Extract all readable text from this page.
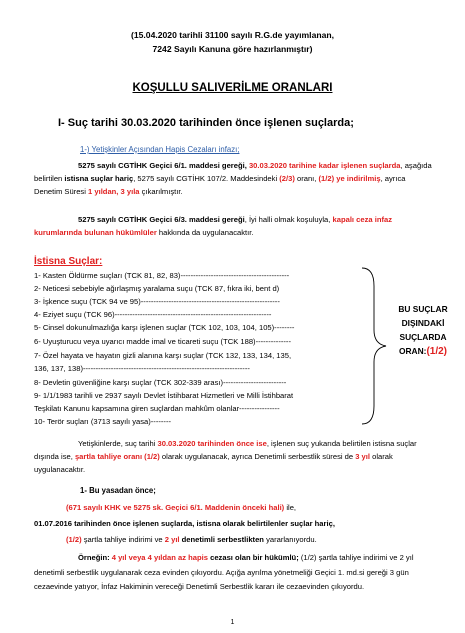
(15.04.2020 tarihli 31100 sayılı R.G.de yayımlanan,
7242 Sayılı Kanuna göre hazırlanmıştır)
KOŞULLU SALIVERİLME ORANLARI
I- Suç tarihi 30.03.2020 tarihinden önce işlenen suçlarda;
1-) Yetişkinler Açısından Hapis Cezaları infazı;
5275 sayılı CGTİHK Geçici 6/1. maddesi gereği, 30.03.2020 tarihine kadar işlenen suçlarda, aşağıda belirtilen istisna suçlar hariç, 5275 sayılı CGTİHK 107/2. Maddesindeki (2/3) oranı, (1/2) ye indirilmiş, ayrıca Denetim Süresi 1 yıldan, 3 yıla çıkarılmıştır.
5275 sayılı CGTİHK Geçici 6/3. maddesi gereği, İyi halli olmak koşuluyla, kapalı ceza infaz kurumlarında bulunan hükümlüler hakkında da uygulanacaktır.
İstisna Suçlar:
1- Kasten Öldürme suçları (TCK 81, 82, 83)-------------------------------------------
2- Neticesi sebebiyle ağırlaşmış yaralama suçu (TCK 87, fıkra iki, bent d)
3- İşkence suçu (TCK 94 ve 95)-------------------------------------------------------
4- Eziyet suçu (TCK 96)--------------------------------------------------------------
5- Cinsel dokunulmazlığa karşı işlenen suçlar (TCK 102, 103, 104, 105)--------
6- Uyuşturucu veya uyarıcı madde imal ve ticareti suçu (TCK 188)--------------
7- Özel hayata ve hayatın gizli alanına karşı suçlar (TCK 132, 133, 134, 135,
136, 137, 138)------------------------------------------------------------------
8- Devletin güvenliğine karşı suçlar (TCK 302-339 arası)-------------------------
9- 1/1/1983 tarihli ve 2937 sayılı Devlet İstihbarat Hizmetleri ve Milli İstihbarat
Teşkilatı Kanunu kapsamına giren suçlardan mahkûm olanlar----------------
10- Terör suçları (3713 sayılı yasa)--------
BU SUÇLAR
DIŞINDAKİ
SUÇLARDA
ORAN:(1/2)
Yetişkinlerde, suç tarihi 30.03.2020 tarihinden önce ise, işlenen suç yukarıda belirtilen istisna suçlar dışında ise, şartla tahliye oranı (1/2) olarak uygulanacak, ayrıca Denetimli serbestlik süresi de 3 yıl olarak uygulanacaktır.
1- Bu yasadan önce;
(671 sayılı KHK ve 5275 sk. Geçici 6/1. Maddenin önceki hali) ile,
01.07.2016 tarihinden önce işlenen suçlarda, istisna olarak belirtilenler suçlar hariç,
(1/2) şartla tahliye indirimi ve 2 yıl denetimli serbestlikten yararlanıyordu.
Örneğin: 4 yıl veya 4 yıldan az hapis cezası olan bir hükümlü; (1/2) şartla tahliye indirimi ve 2 yıl denetimli serbestlik uygulanarak ceza evinden çıkıyordu. Açığa ayrılma yönetmeliği Geçici 1. md.si gereği 3 gün cezaevinde yatıyor, İnfaz Hakiminin vereceği Denetimli Serbestlik kararı ile cezaevinden çıkıyordu.
1
